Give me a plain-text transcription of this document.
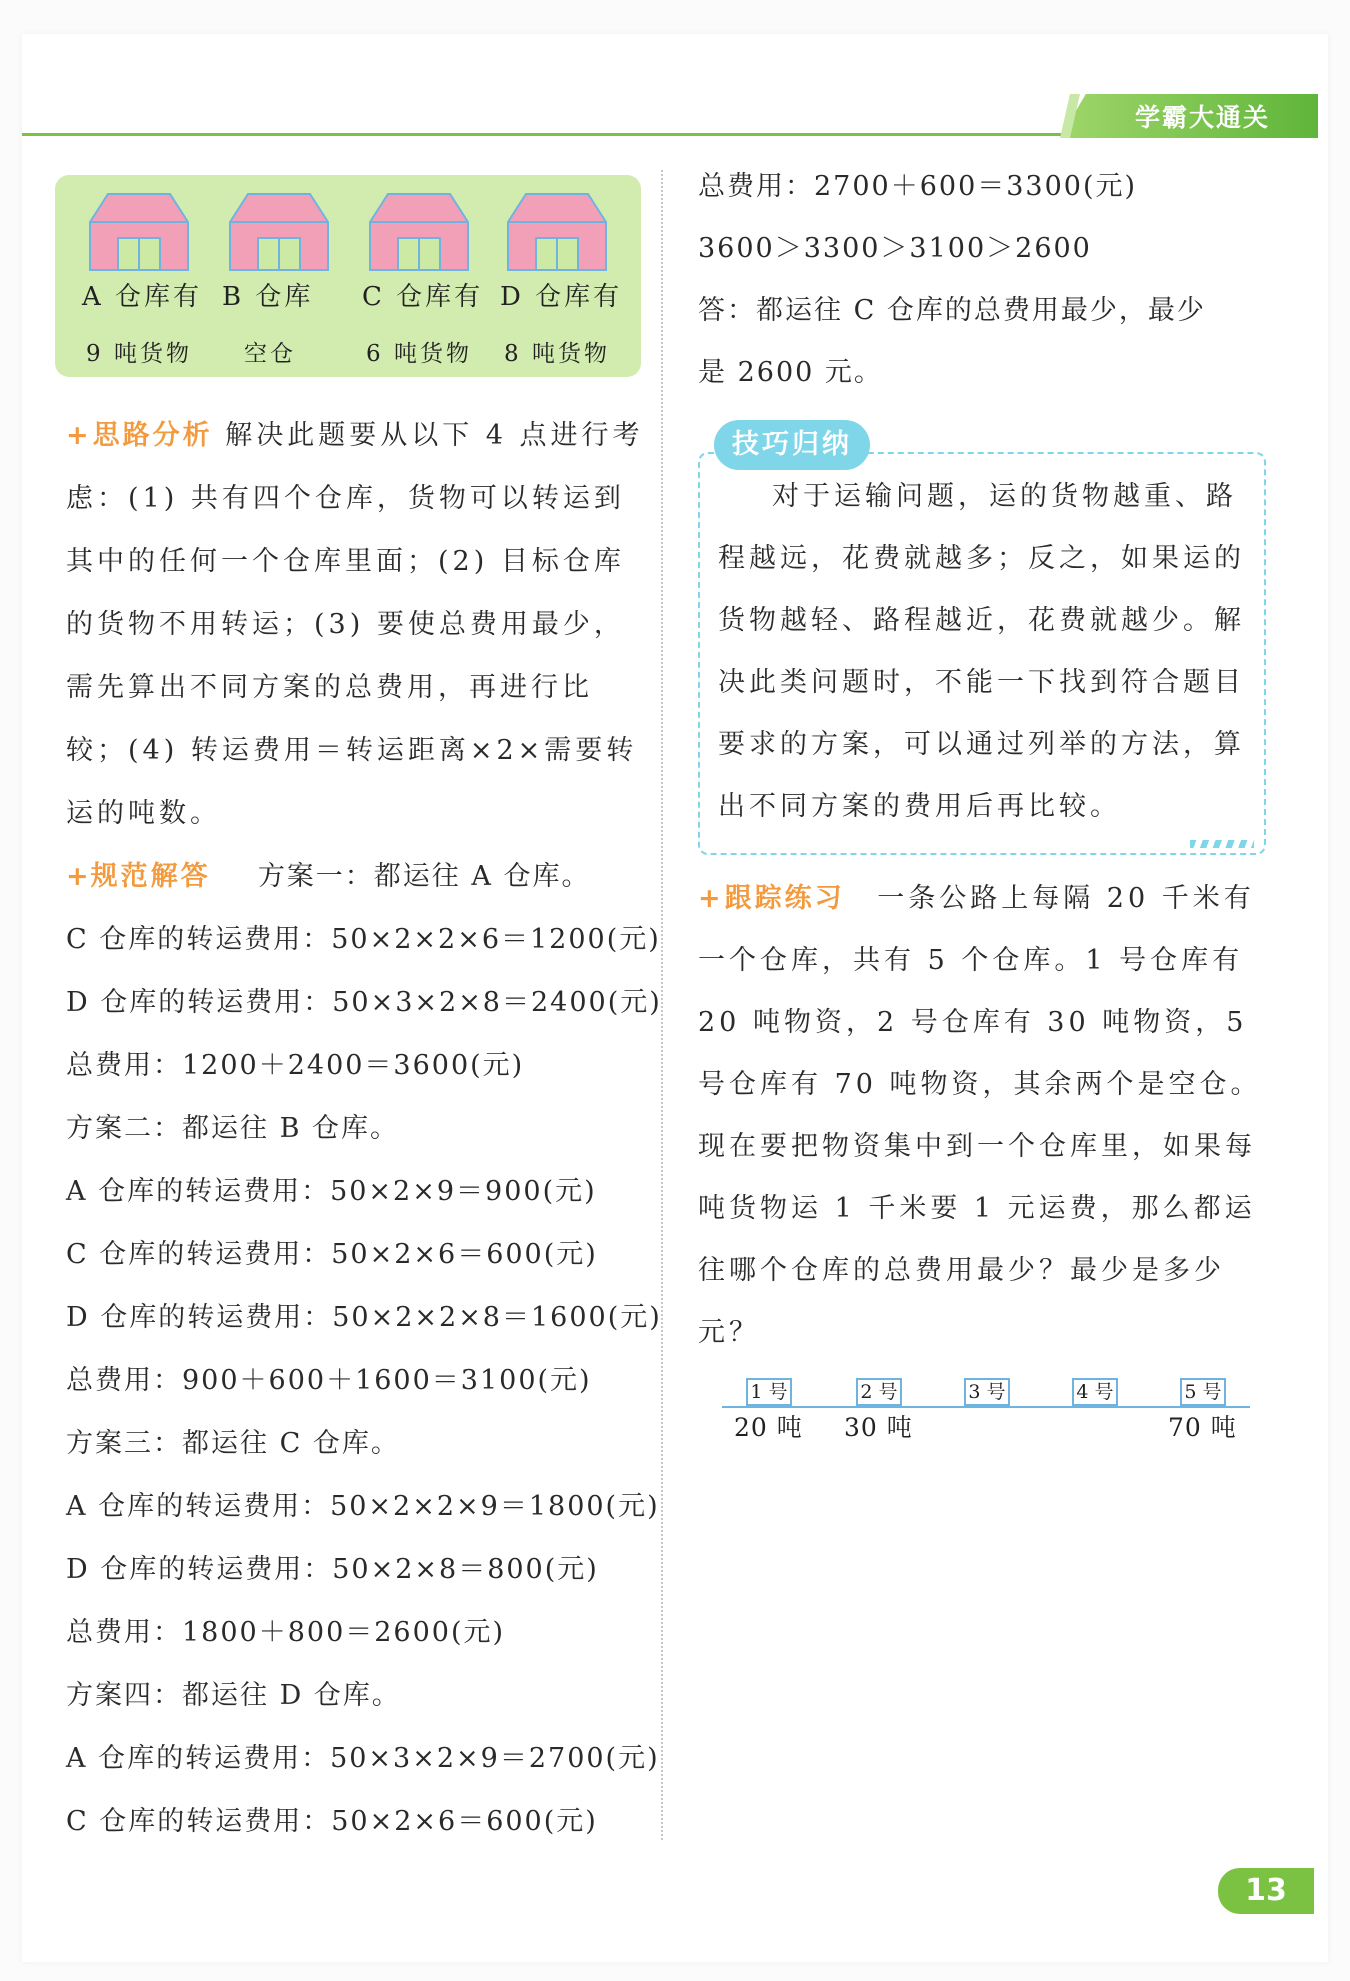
学霸大通关
A 仓库有
9 吨货物
B 仓库
空仓
C 仓库有
6 吨货物
D 仓库有
8 吨货物
+思路分析 解决此题要从以下 4 点进行考虑：(1) 共有四个仓库，货物可以转运到其中的任何一个仓库里面；(2) 目标仓库的货物不用转运；(3) 要使总费用最少，需先算出不同方案的总费用，再进行比较；(4) 转运费用＝转运距离×2×需要转运的吨数。
+规范解答 方案一：都运往 A 仓库。
C 仓库的转运费用：50×2×2×6＝1200(元)
D 仓库的转运费用：50×3×2×8＝2400(元)
总费用：1200＋2400＝3600(元)
方案二：都运往 B 仓库。
A 仓库的转运费用：50×2×9＝900(元)
C 仓库的转运费用：50×2×6＝600(元)
D 仓库的转运费用：50×2×2×8＝1600(元)
总费用：900＋600＋1600＝3100(元)
方案三：都运往 C 仓库。
A 仓库的转运费用：50×2×2×9＝1800(元)
D 仓库的转运费用：50×2×8＝800(元)
总费用：1800＋800＝2600(元)
方案四：都运往 D 仓库。
A 仓库的转运费用：50×3×2×9＝2700(元)
C 仓库的转运费用：50×2×6＝600(元)
总费用：2700＋600＝3300(元)
3600＞3300＞3100＞2600
答：都运往 C 仓库的总费用最少，最少
是 2600 元。
技巧归纳
对于运输问题，运的货物越重、路程越远，花费就越多；反之，如果运的货物越轻、路程越近，花费就越少。解决此类问题时，不能一下找到符合题目要求的方案，可以通过列举的方法，算出不同方案的费用后再比较。
+跟踪练习 一条公路上每隔 20 千米有一个仓库，共有 5 个仓库。1 号仓库有 20 吨物资，2 号仓库有 30 吨物资，5 号仓库有 70 吨物资，其余两个是空仓。现在要把物资集中到一个仓库里，如果每吨货物运 1 千米要 1 元运费，那么都运往哪个仓库的总费用最少？最少是多少元？
1 号
20 吨
2 号
30 吨
3 号	4 号	5 号
70 吨
13
